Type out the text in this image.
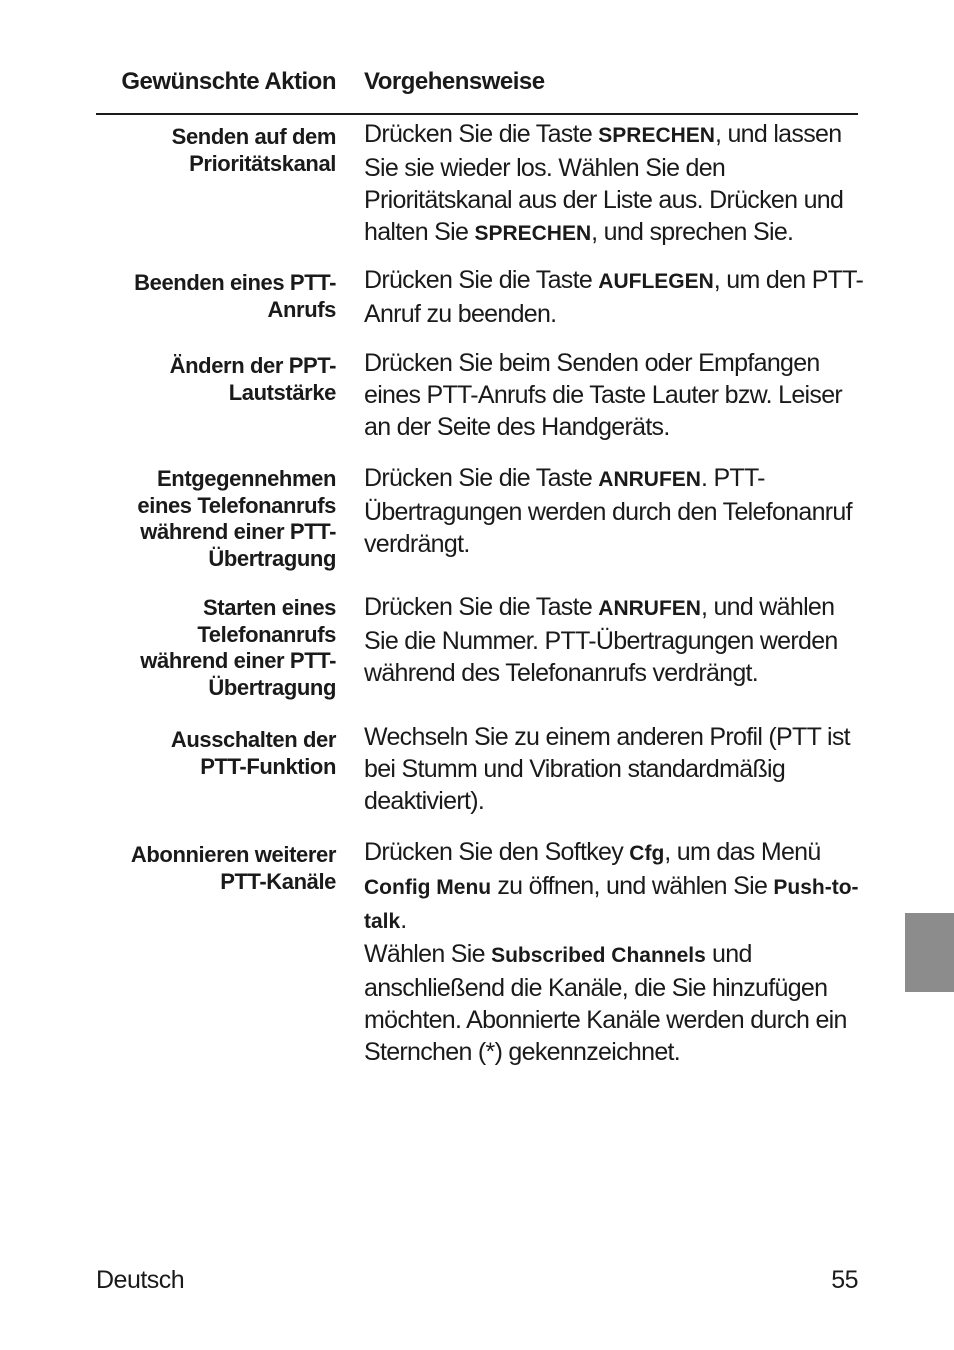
Gewünschte Aktion Vorgehensweise
Senden auf dem
Prioritätskanal
Drücken Sie die Taste SPRECHEN, und lassen
Sie sie wieder los. Wählen Sie den
Prioritätskanal aus der Liste aus. Drücken und
halten Sie SPRECHEN, und sprechen Sie.
Beenden eines PTT-
Anrufs
Drücken Sie die Taste AUFLEGEN, um den PTT-
Anruf zu beenden.
Ändern der PPT-
Lautstärke
Drücken Sie beim Senden oder Empfangen
eines PTT-Anrufs die Taste Lauter bzw. Leiser
an der Seite des Handgeräts.
Entgegennehmen
eines Telefonanrufs
während einer PTT-
Übertragung
Drücken Sie die Taste ANRUFEN. PTT-
Übertragungen werden durch den Telefonanruf
verdrängt.
Starten eines
Telefonanrufs
während einer PTT-
Übertragung
Drücken Sie die Taste ANRUFEN, und wählen
Sie die Nummer. PTT-Übertragungen werden
während des Telefonanrufs verdrängt.
Ausschalten der
PTT-Funktion
Wechseln Sie zu einem anderen Profil (PTT ist
bei Stumm und Vibration standardmäßig
deaktiviert).
Abonnieren weiterer
PTT-Kanäle
Drücken Sie den Softkey Cfg, um das Menü
Config Menu zu öffnen, und wählen Sie Push-to-
talk.
Wählen Sie Subscribed Channels und
anschließend die Kanäle, die Sie hinzufügen
möchten. Abonnierte Kanäle werden durch ein
Sternchen (*) gekennzeichnet.
Deutsch	55
